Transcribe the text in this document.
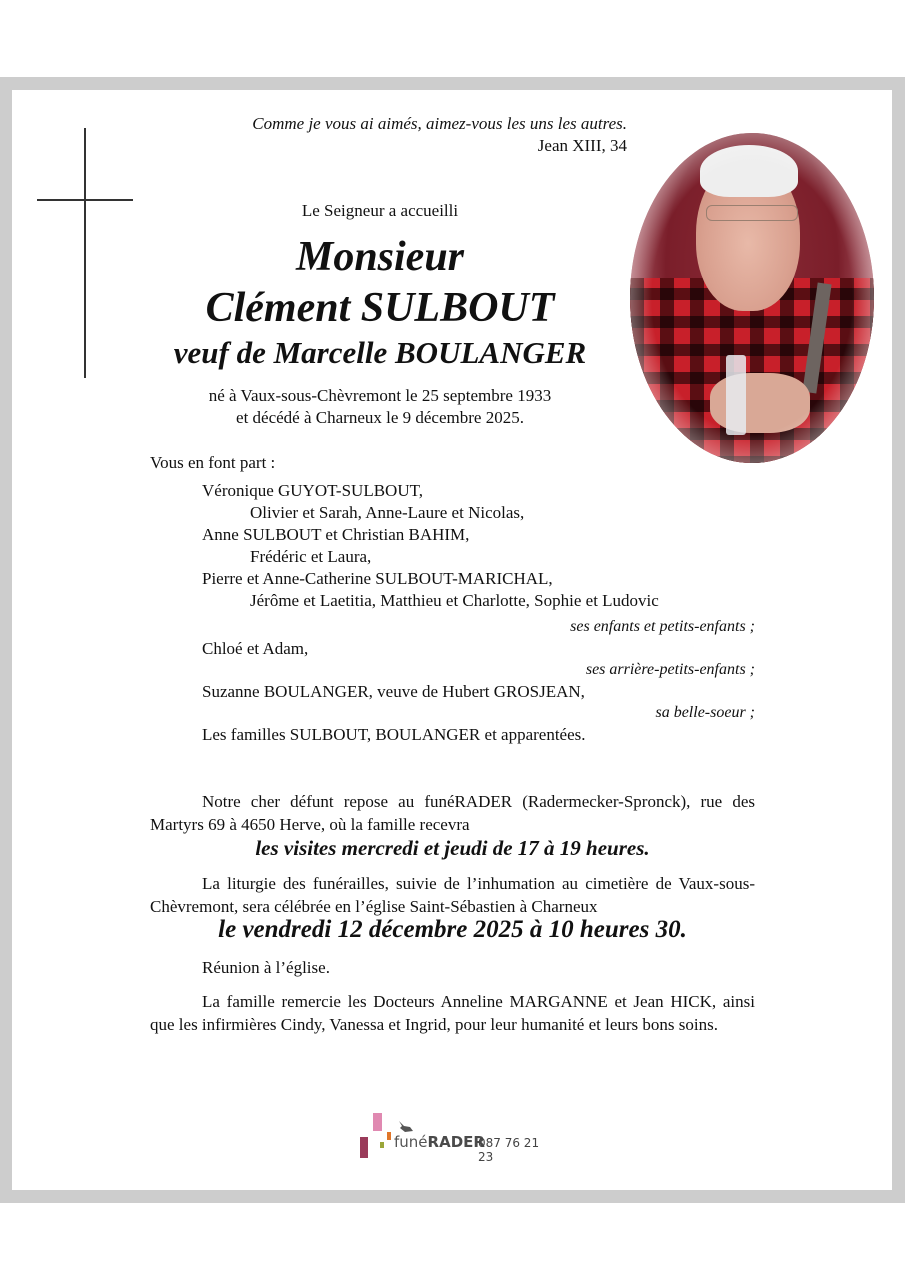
Comme je vous ai aimés, aimez-vous les uns les autres.
Jean XIII, 34
Le Seigneur a accueilli
Monsieur
Clément SULBOUT
veuf de Marcelle BOULANGER
né à Vaux-sous-Chèvremont le 25 septembre 1933
et décédé à Charneux le 9 décembre 2025.
Vous en font part :
Véronique GUYOT-SULBOUT,
Olivier et Sarah, Anne-Laure et Nicolas,
Anne SULBOUT et Christian BAHIM,
Frédéric et Laura,
Pierre et Anne-Catherine SULBOUT-MARICHAL,
Jérôme et Laetitia, Matthieu et Charlotte, Sophie et Ludovic
ses enfants et petits-enfants ;
Chloé et Adam,
ses arrière-petits-enfants ;
Suzanne BOULANGER, veuve de Hubert GROSJEAN,
sa belle-soeur ;
Les familles SULBOUT, BOULANGER et apparentées.
Notre cher défunt repose au funéRADER (Radermecker-Spronck), rue des Martyrs 69 à 4650 Herve, où la famille recevra
les visites mercredi et jeudi de 17 à 19 heures.
La liturgie des funérailles, suivie de l’inhumation au cimetière de Vaux-sous-Chèvremont, sera célébrée en l’église Saint-Sébastien à Charneux
le vendredi 12 décembre 2025 à 10 heures 30.
Réunion à l’église.
La famille remercie les Docteurs Anneline MARGANNE et Jean HICK, ainsi que les infirmières Cindy, Vanessa et Ingrid, pour leur humanité et leurs bons soins.
funéRADER
087 76 21 23
